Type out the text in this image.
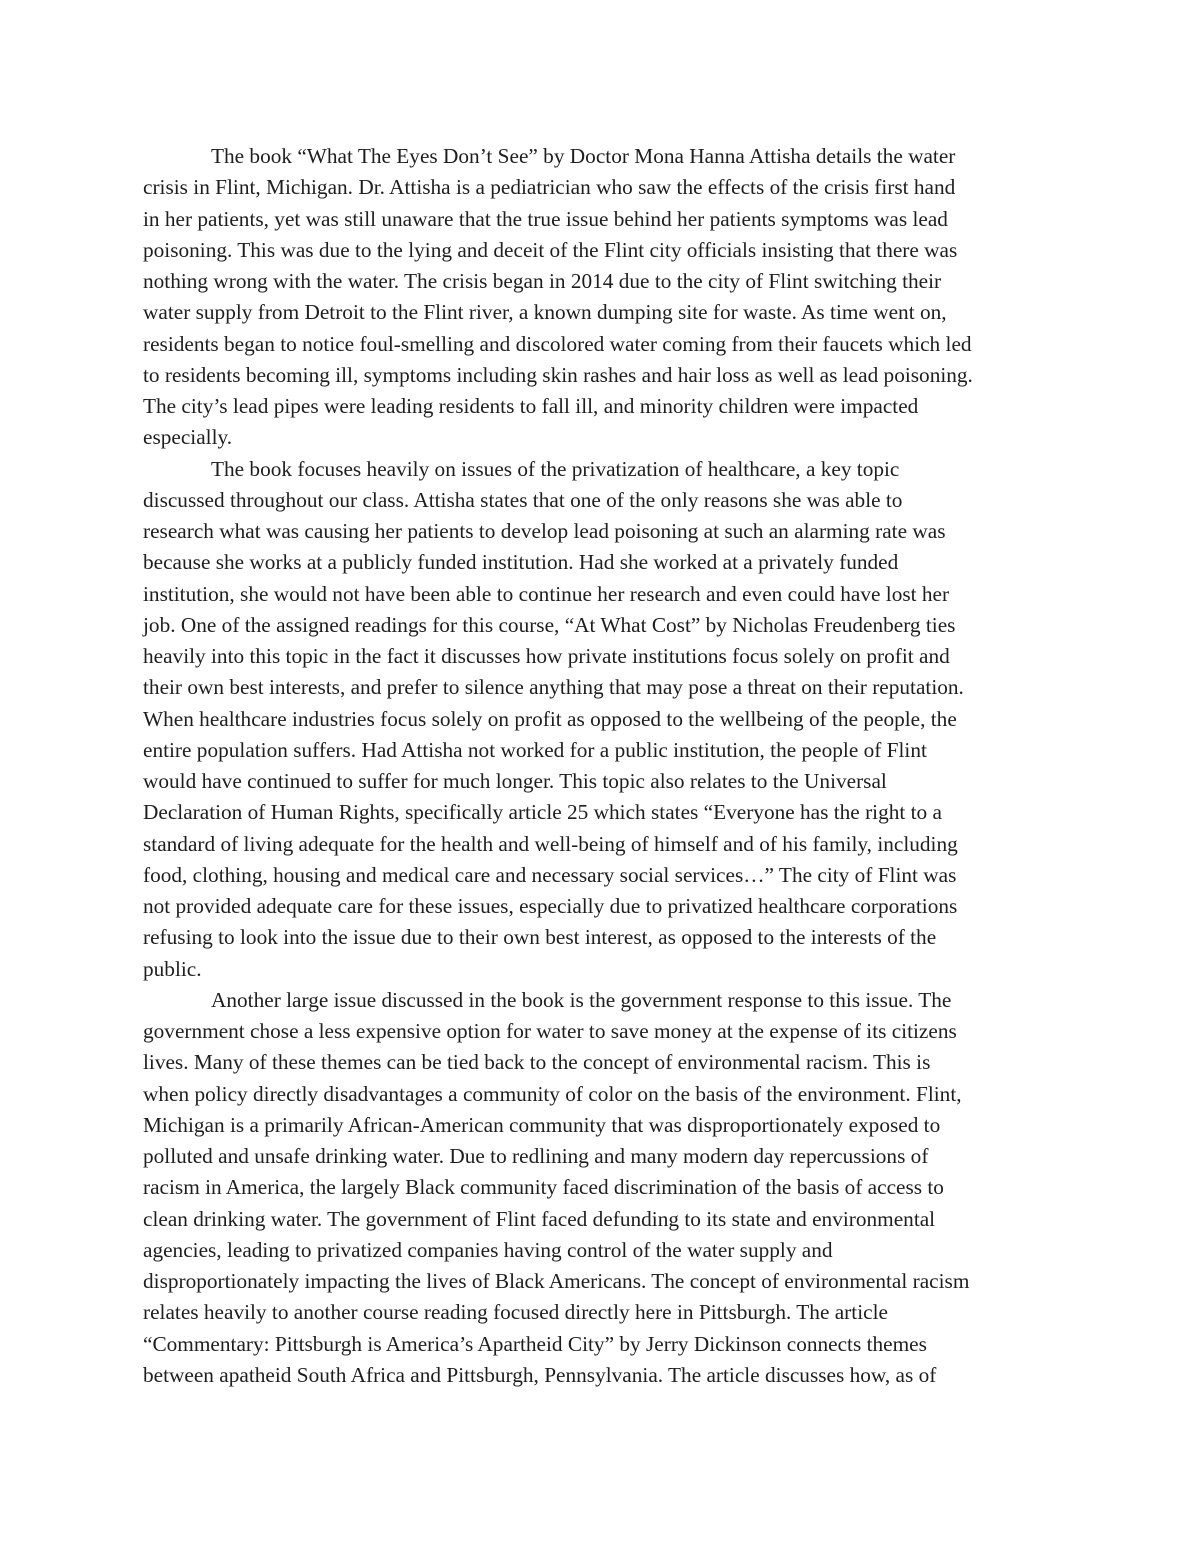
The book “What The Eyes Don’t See” by Doctor Mona Hanna Attisha details the water
crisis in Flint, Michigan. Dr. Attisha is a pediatrician who saw the effects of the crisis first hand
in her patients, yet was still unaware that the true issue behind her patients symptoms was lead
poisoning. This was due to the lying and deceit of the Flint city officials insisting that there was
nothing wrong with the water. The crisis began in 2014 due to the city of Flint switching their
water supply from Detroit to the Flint river, a known dumping site for waste. As time went on,
residents began to notice foul-smelling and discolored water coming from their faucets which led
to residents becoming ill, symptoms including skin rashes and hair loss as well as lead poisoning.
The city’s lead pipes were leading residents to fall ill, and minority children were impacted
especially.
The book focuses heavily on issues of the privatization of healthcare, a key topic
discussed throughout our class. Attisha states that one of the only reasons she was able to
research what was causing her patients to develop lead poisoning at such an alarming rate was
because she works at a publicly funded institution. Had she worked at a privately funded
institution, she would not have been able to continue her research and even could have lost her
job. One of the assigned readings for this course, “At What Cost” by Nicholas Freudenberg ties
heavily into this topic in the fact it discusses how private institutions focus solely on profit and
their own best interests, and prefer to silence anything that may pose a threat on their reputation.
When healthcare industries focus solely on profit as opposed to the wellbeing of the people, the
entire population suffers. Had Attisha not worked for a public institution, the people of Flint
would have continued to suffer for much longer. This topic also relates to the Universal
Declaration of Human Rights, specifically article 25 which states “Everyone has the right to a
standard of living adequate for the health and well-being of himself and of his family, including
food, clothing, housing and medical care and necessary social services…” The city of Flint was
not provided adequate care for these issues, especially due to privatized healthcare corporations
refusing to look into the issue due to their own best interest, as opposed to the interests of the
public.
Another large issue discussed in the book is the government response to this issue. The
government chose a less expensive option for water to save money at the expense of its citizens
lives. Many of these themes can be tied back to the concept of environmental racism. This is
when policy directly disadvantages a community of color on the basis of the environment. Flint,
Michigan is a primarily African-American community that was disproportionately exposed to
polluted and unsafe drinking water. Due to redlining and many modern day repercussions of
racism in America, the largely Black community faced discrimination of the basis of access to
clean drinking water. The government of Flint faced defunding to its state and environmental
agencies, leading to privatized companies having control of the water supply and
disproportionately impacting the lives of Black Americans. The concept of environmental racism
relates heavily to another course reading focused directly here in Pittsburgh. The article
“Commentary: Pittsburgh is America’s Apartheid City” by Jerry Dickinson connects themes
between apatheid South Africa and Pittsburgh, Pennsylvania. The article discusses how, as of
